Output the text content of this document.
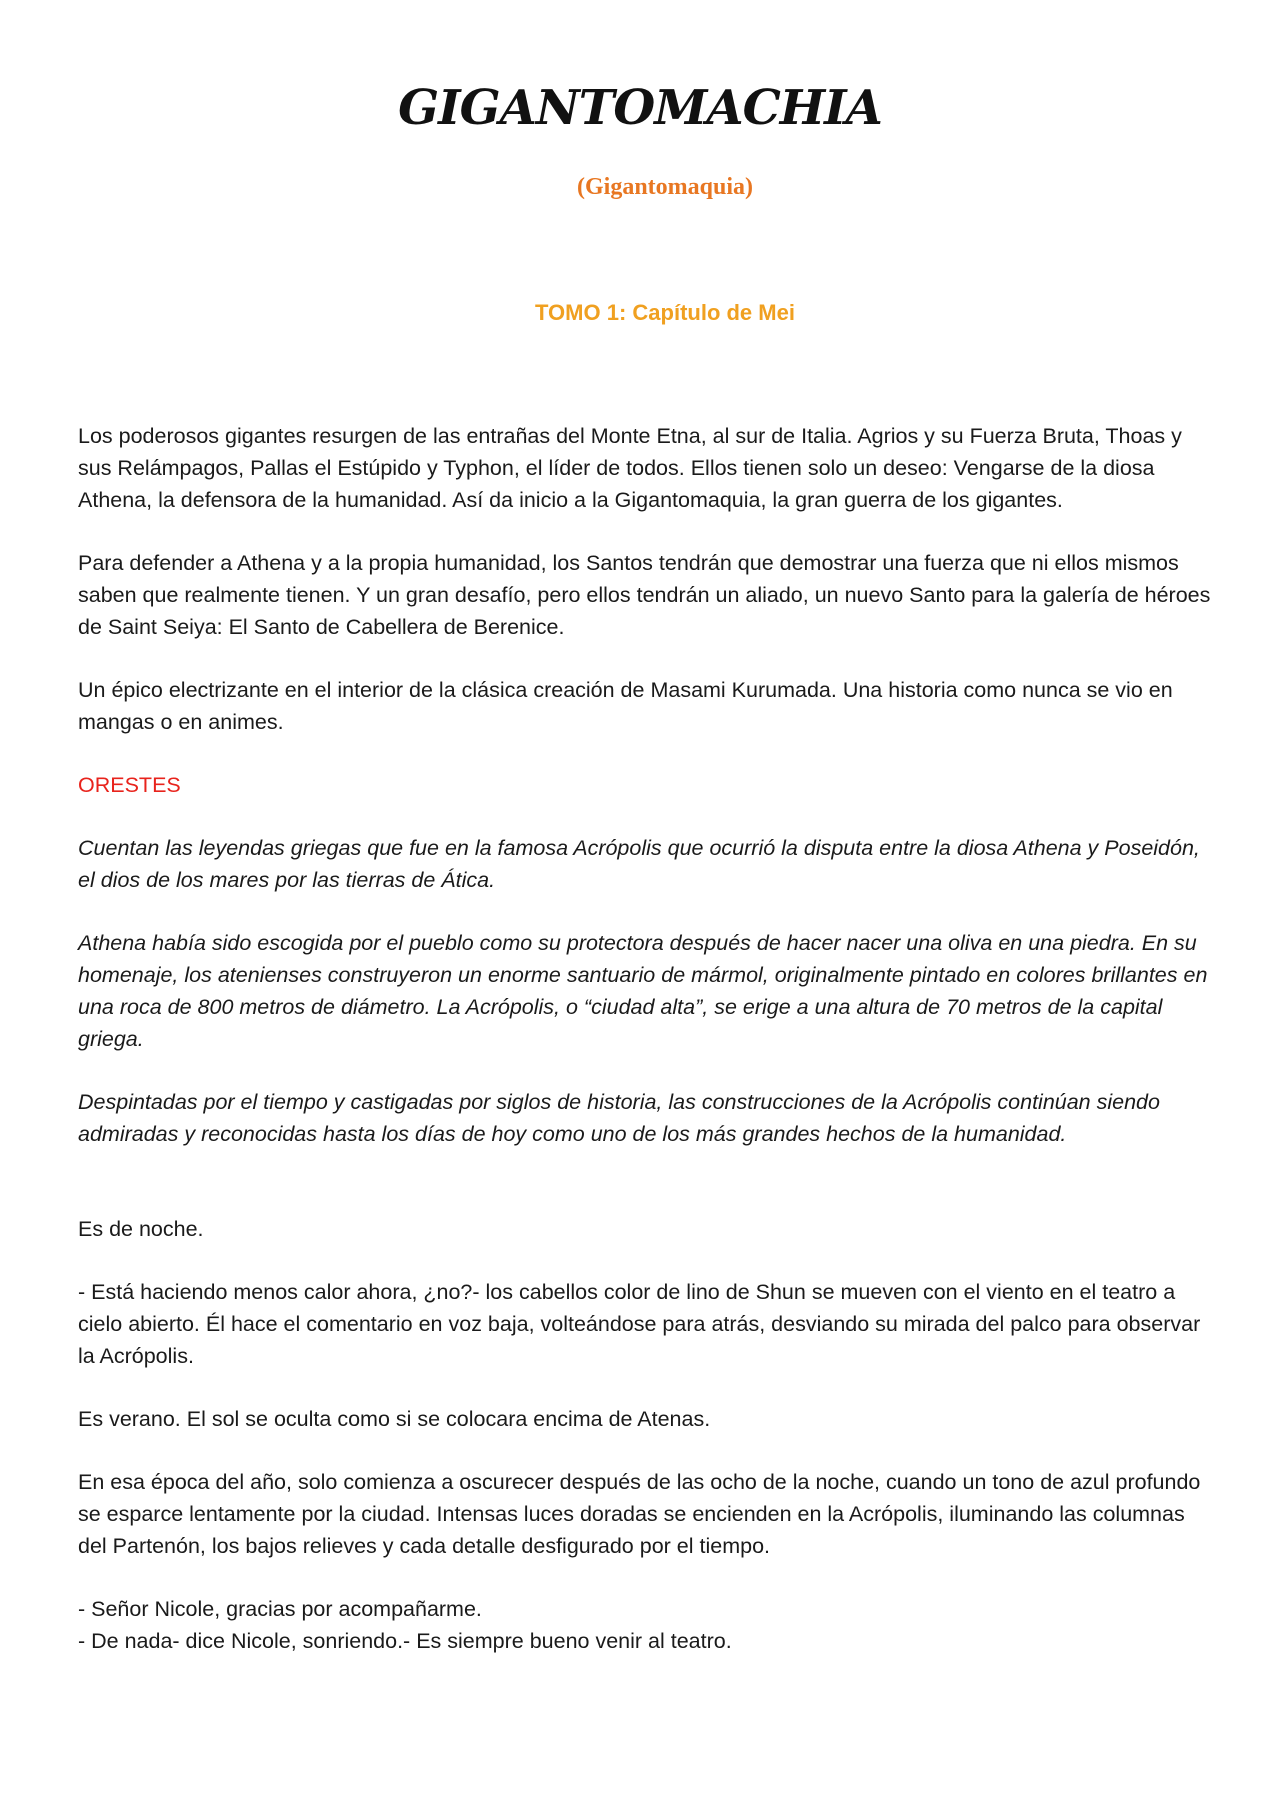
GIGANTOMACHIA
(Gigantomaquia)
TOMO 1: Capítulo de Mei

Los poderosos gigantes resurgen de las entrañas del Monte Etna, al sur de Italia. Agrios y su Fuerza Bruta, Thoas y sus Relámpagos, Pallas el Estúpido y Typhon, el líder de todos. Ellos tienen solo un deseo: Vengarse de la diosa Athena, la defensora de la humanidad. Así da inicio a la Gigantomaquia, la gran guerra de los gigantes.

Para defender a Athena y a la propia humanidad, los Santos tendrán que demostrar una fuerza que ni ellos mismos saben que realmente tienen. Y un gran desafío, pero ellos tendrán un aliado, un nuevo Santo para la galería de héroes de Saint Seiya: El Santo de Cabellera de Berenice.

Un épico electrizante en el interior de la clásica creación de Masami Kurumada. Una historia como nunca se vio en mangas o en animes.

ORESTES

Cuentan las leyendas griegas que fue en la famosa Acrópolis que ocurrió la disputa entre la diosa Athena y Poseidón, el dios de los mares por las tierras de Ática.

Athena había sido escogida por el pueblo como su protectora después de hacer nacer una oliva en una piedra. En su homenaje, los atenienses construyeron un enorme santuario de mármol, originalmente pintado en colores brillantes en una roca de 800 metros de diámetro. La Acrópolis, o “ciudad alta”, se erige a una altura de 70 metros de la capital griega.

Despintadas por el tiempo y castigadas por siglos de historia, las construcciones de la Acrópolis continúan siendo admiradas y reconocidas hasta los días de hoy como uno de los más grandes hechos de la humanidad.

Es de noche.

- Está haciendo menos calor ahora, ¿no?- los cabellos color de lino de Shun se mueven con el viento en el teatro a cielo abierto. Él hace el comentario en voz baja, volteándose para atrás, desviando su mirada del palco para observar la Acrópolis.

Es verano. El sol se oculta como si se colocara encima de Atenas.

En esa época del año, solo comienza a oscurecer después de las ocho de la noche, cuando un tono de azul profundo se esparce lentamente por la ciudad. Intensas luces doradas se encienden en la Acrópolis, iluminando las columnas del Partenón, los bajos relieves y cada detalle desfigurado por el tiempo.

- Señor Nicole, gracias por acompañarme.

- De nada- dice Nicole, sonriendo.- Es siempre bueno venir al teatro.
